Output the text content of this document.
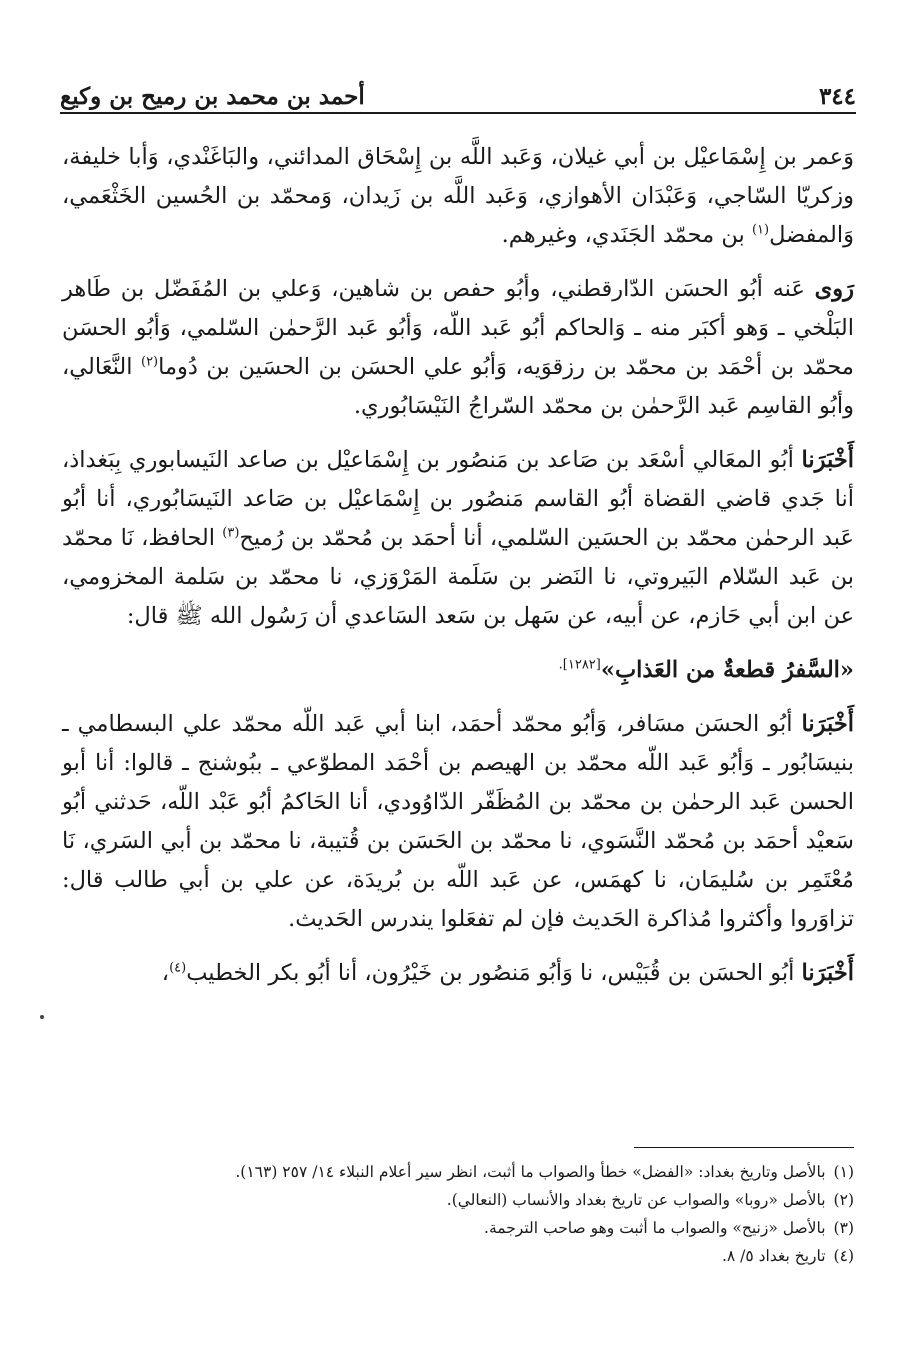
٣٤٤
أحمد بن محمد بن رميح بن وكيع

وَعمر بن إِسْمَاعيْل بن أبي غيلان، وَعَبد اللَّه بن إِسْحَاق المدائني، والبَاغَنْدي، وَأبا خليفة، وزكريّا السّاجي، وَعَبْدَان الأهوازي، وَعَبد اللَّه بن زَيدان، وَمحمّد بن الحُسين الخَثْعَمي، وَالمفضل$^{(١)}$ بن محمّد الجَنَدي، وغيرهم.

رَوى عَنه أبُو الحسَن الدّارقطني، وأبُو حفص بن شاهين، وَعلي بن المُفَضّل بن طَاهر البَلْخي ـ وَهو أكبَر منه ـ وَالحاكم أبُو عَبد اللّه، وَأبُو عَبد الرَّحمٰن السّلمي، وَأبُو الحسَن محمّد بن أحْمَد بن محمّد بن رزقوَيه، وَأبُو علي الحسَن بن الحسَين بن دُوما$^{(٢)}$ النَّعَالي، وأبُو القاسِم عَبد الرَّحمٰن بن محمّد السّراجُ النَيْسَابُوري.

أَخْبَرَنا أبُو المعَالي أسْعَد بن صَاعد بن مَنصُور بن إِسْمَاعيْل بن صاعد النَيسابوري بِبَغداذ، أنا جَدي قاضي القضاة أبُو القاسم مَنصُور بن إِسْمَاعيْل بن صَاعد النَيسَابُوري، أنا أبُو عَبد الرحمٰن محمّد بن الحسَين السّلمي، أنا أحمَد بن مُحمّد بن رُميح$^{(٣)}$ الحافظ، نَا محمّد بن عَبد السّلام البَيروتي، نا النَضر بن سَلَمة المَرْوَزي، نا محمّد بن سَلمة المخزومي، عن ابن أبي حَازم، عن أبيه، عن سَهل بن سَعد السَاعدي أن رَسُول الله ﷺ قال:

«السَّفرُ قطعةٌ من العَذابِ»$^{[١٢٨٢].}$

أَخْبَرَنا أبُو الحسَن مسَافر، وَأبُو محمّد أحمَد، ابنا أبي عَبد اللّه محمّد علي البسطامي ـ بنيسَابُور ـ وَأبُو عَبد اللّه محمّد بن الهيصم بن أحْمَد المطوّعي ـ ببُوشنج ـ قالوا: أنا أبو الحسن عَبد الرحمٰن بن محمّد بن المُظَفّر الدّاوُودي، أنا الحَاكمُ أبُو عَبْد اللّه، حَدثني أبُو سَعيْد أحمَد بن مُحمّد النَّسَوي، نا محمّد بن الحَسَن بن قُتيبة، نا محمّد بن أبي السَري، نَا مُعْتَمِر بن سُليمَان، نا كهمَس، عن عَبد اللّه بن بُريدَة، عن علي بن أبي طالب قال: تزاوَروا وأكثروا مُذاكرة الحَديث فإن لم تفعَلوا يندرس الحَديث.

أَخْبَرَنا أبُو الحسَن بن قُبَيْس، نا وَأبُو مَنصُور بن خَيْرُون، أنا أبُو بكر الخطيب$^{(٤)}$،

(١)
بالأصل وتاريخ بغداد: «الفضل» خطأ والصواب ما أثبت، انظر سير أعلام النبلاء ١٤/ ٢٥٧ (١٦٣).
(٢)
بالأصل «روبا» والصواب عن تاريخ بغداد والأنساب (النعالي).
(٣)
بالأصل «زنيح» والصواب ما أثبت وهو صاحب الترجمة.
(٤)
تاريخ بغداد ٥/ ٨.
